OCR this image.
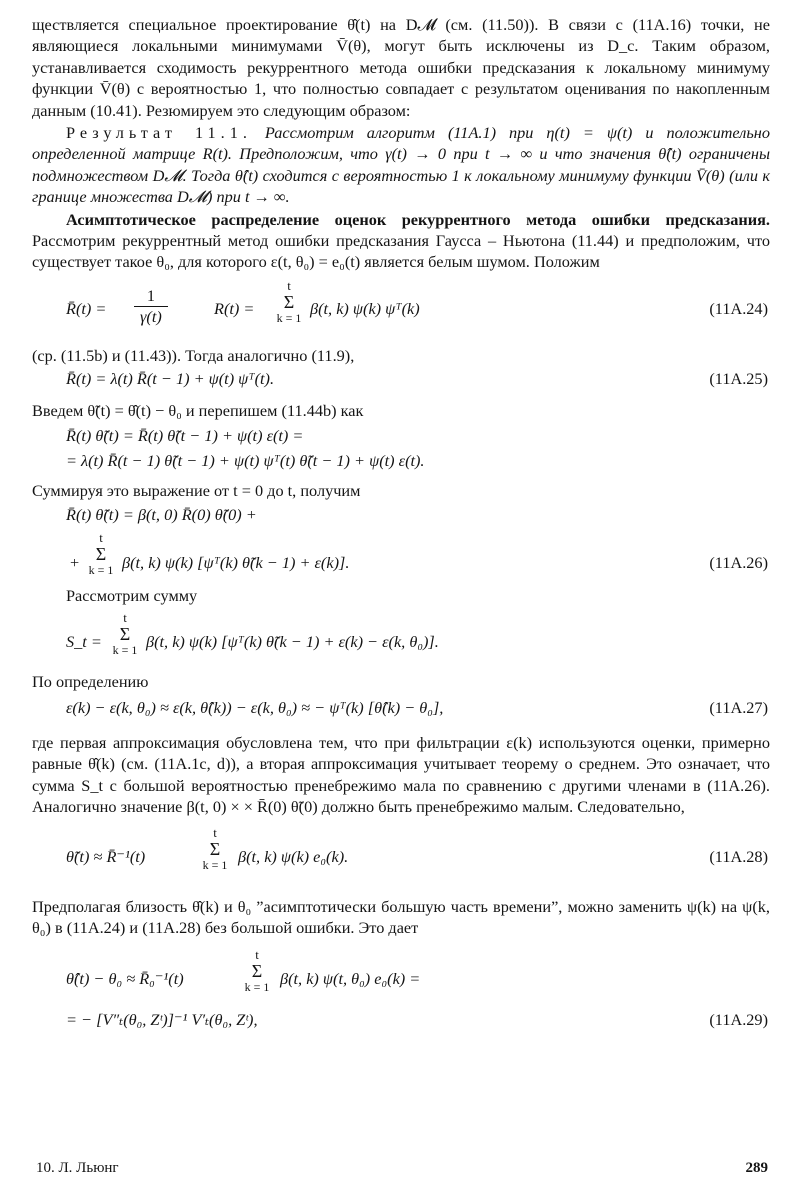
ществляется специальное проектирование θ̂(t) на D𝓜 (см. (11.50)). В связи с (11А.16) точки, не являющиеся локальными минимумами V̄(θ), могут быть исключены из D_c. Таким образом, устанавливается сходимость рекуррентного метода ошибки предсказания к локальному минимуму функции V̄(θ) с вероятностью 1, что полностью совпадает с результатом оценивания по накопленным данным (10.41). Резюмируем это следующим образом:

Результат 11.1. Рассмотрим алгоритм (11А.1) при η(t) = ψ(t) и положительно определенной матрице R(t). Предположим, что γ(t) → 0 при t → ∞ и что значения θ̂(t) ограничены подмножеством D𝓜. Тогда θ̂(t) сходится с вероятностью 1 к локальному минимуму функции V̄(θ) (или к границе множества D𝓜) при t → ∞.

Асимптотическое распределение оценок рекуррентного метода ошибки предсказания. Рассмотрим рекуррентный метод ошибки предсказания Гаусса – Ньютона (11.44) и предположим, что существует такое θ₀, для которого ε(t, θ₀) = e₀(t) является белым шумом. Положим

R̄(t) = $\frac{1}{\gamma(t)}$	R(t) =
t
Σ
k = 1 β(t, k) ψ(k) ψᵀ(k)	(11А.24)

(ср. (11.5b) и (11.43)). Тогда аналогично (11.9),

R̄(t) = λ(t) R̄(t − 1) + ψ(t) ψᵀ(t).	(11А.25)

Введем θ̃(t) = θ̂(t) − θ₀ и перепишем (11.44b) как

R̄(t) θ̃(t) = R̄(t) θ̃(t − 1) + ψ(t) ε(t) =
= λ(t) R̄(t − 1) θ̃(t − 1) + ψ(t) ψᵀ(t) θ̃(t − 1) + ψ(t) ε(t).

Суммируя это выражение от t = 0 до t, получим

R̄(t) θ̃(t) = β(t, 0) R̄(0) θ̃(0) +
+
t
Σ
k = 1 β(t, k) ψ(k) [ψᵀ(k) θ̃(k − 1) + ε(k)].	(11А.26)

Рассмотрим сумму

S_t =
t
Σ
k = 1 β(t, k) ψ(k) [ψᵀ(k) θ̃(k − 1) + ε(k) − ε(k, θ₀)].

По определению

ε(k) − ε(k, θ₀) ≈ ε(k, θ̂(k)) − ε(k, θ₀) ≈ − ψᵀ(k) [θ̂(k) − θ₀],	(11А.27)

где первая аппроксимация обусловлена тем, что при фильтрации ε(k) используются оценки, примерно равные θ̂(k) (см. (11А.1с, d)), а вторая аппроксимация учитывает теорему о среднем. Это означает, что сумма S_t с большой вероятностью пренебрежимо мала по сравнению с другими членами в (11А.26). Аналогично значение β(t, 0) × × R̄(0) θ̃(0) должно быть пренебрежимо малым. Следовательно,

θ̃(t) ≈ R̄⁻¹(t)
t
Σ
k = 1 β(t, k) ψ(k) e₀(k).	(11А.28)

Предполагая близость θ̂(k) и θ₀ ”асимптотически большую часть времени”, можно заменить ψ(k) на ψ(k, θ₀) в (11А.24) и (11А.28) без большой ошибки. Это дает

θ̂(t) − θ₀ ≈ R̄₀⁻¹(t)
t
Σ
k = 1 β(t, k) ψ(t, θ₀) e₀(k) =
= − [V″ₜ(θ₀, Zᵗ)]⁻¹ V′ₜ(θ₀, Zᵗ),	(11А.29)
10. Л. Льюнг	289
